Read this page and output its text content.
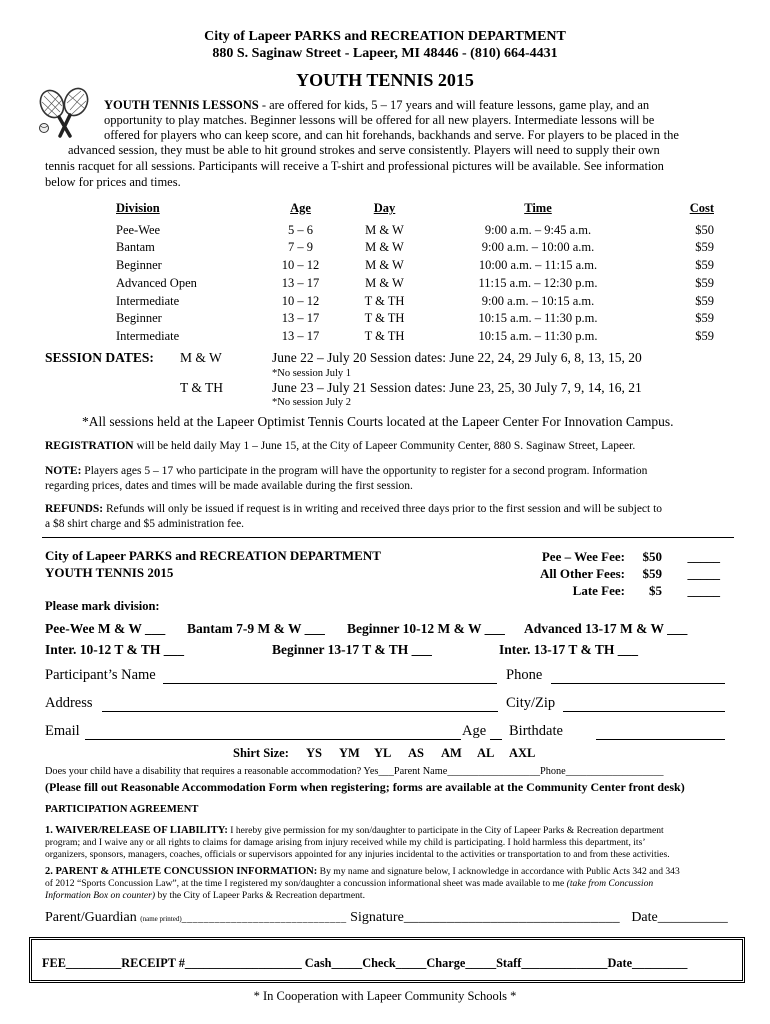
City of Lapeer PARKS and RECREATION DEPARTMENT
880 S. Saginaw Street - Lapeer, MI 48446 - (810) 664-4431
YOUTH TENNIS 2015
YOUTH TENNIS LESSONS - are offered for kids, 5 – 17 years and will feature lessons, game play, and an
opportunity to play matches. Beginner lessons will be offered for all new players. Intermediate lessons will be
offered for players who can keep score, and can hit forehands, backhands and serve. For players to be placed in the
advanced session, they must be able to hit ground strokes and serve consistently. Players will need to supply their own
tennis racquet for all sessions. Participants will receive a T-shirt and professional pictures will be available. See information
below for prices and times.
Division	Age	Day	Time	Cost

Pee-Wee	5 – 6	M & W	9:00 a.m. – 9:45 a.m.	$50
Bantam	7 – 9	M & W	9:00 a.m. – 10:00 a.m.	$59
Beginner	10 – 12	M & W	10:00 a.m. – 11:15 a.m.	$59
Advanced Open	13 – 17	M & W	11:15 a.m. – 12:30 p.m.	$59
Intermediate	10 – 12	T & TH	9:00 a.m. – 10:15 a.m.	$59
Beginner	13 – 17	T & TH	10:15 a.m. – 11:30 p.m.	$59
Intermediate	13 – 17	T & TH	10:15 a.m. – 11:30 p.m.	$59
SESSION DATES: M & W	June 22 – July 20 Session dates: June 22, 24, 29 July 6, 8, 13, 15, 20
*No session July 1
T & TH	June 23 – July 21 Session dates: June 23, 25, 30 July 7, 9, 14, 16, 21
*No session July 2
*All sessions held at the Lapeer Optimist Tennis Courts located at the Lapeer Center For Innovation Campus.
REGISTRATION will be held daily May 1 – June 15, at the City of Lapeer Community Center, 880 S. Saginaw Street, Lapeer.
NOTE: Players ages 5 – 17 who participate in the program will have the opportunity to register for a second program. Information
regarding prices, dates and times will be made available during the first session.
REFUNDS: Refunds will only be issued if request is in writing and received three days prior to the first session and will be subject to
a $8 shirt charge and $5 administration fee.
City of Lapeer PARKS and RECREATION DEPARTMENT
YOUTH TENNIS 2015
Pee – Wee Fee: $50 _____
All Other Fees: $59 _____
Late Fee: $5 _____
Please mark division:
Pee-Wee M & W ___ Bantam 7-9 M & W ___ Beginner 10-12 M & W ___ Advanced 13-17 M & W ___
Inter. 10-12 T & TH ___	Beginner 13-17 T & TH ___	Inter. 13-17 T & TH ___
Participant’s Name	Phone
Address	City/Zip
Email	Age Birthdate
Shirt Size: YS YM YL AS AM AL AXL
Does your child have a disability that requires a reasonable accommodation? Yes___Parent Name__________________Phone___________________
(Please fill out Reasonable Accommodation Form when registering; forms are available at the Community Center front desk)
PARTICIPATION AGREEMENT
1. WAIVER/RELEASE OF LIABILITY: I hereby give permission for my son/daughter to participate in the City of Lapeer Parks & Recreation department
program; and I waive any or all rights to claims for damage arising from injury received while my child is participating. I hold harmless this department, its’
organizers, sponsors, managers, coaches, officials or supervisors appointed for any injuries incidental to the activities or transportation to and from these activities.
2. PARENT & ATHLETE CONCUSSION INFORMATION: By my name and signature below, I acknowledge in accordance with Public Acts 342 and 343
of 2012 “Sports Concussion Law”, at the time I registered my son/daughter a concussion informational sheet was made available to me (take from Concussion
Information Box on counter) by the City of Lapeer Parks & Recreation department.
Parent/Guardian (name printed)______________________________ Signature______________________________ Date__________
FEE_________RECEIPT #___________________ Cash_____Check_____Charge_____Staff______________Date_________
* In Cooperation with Lapeer Community Schools *
